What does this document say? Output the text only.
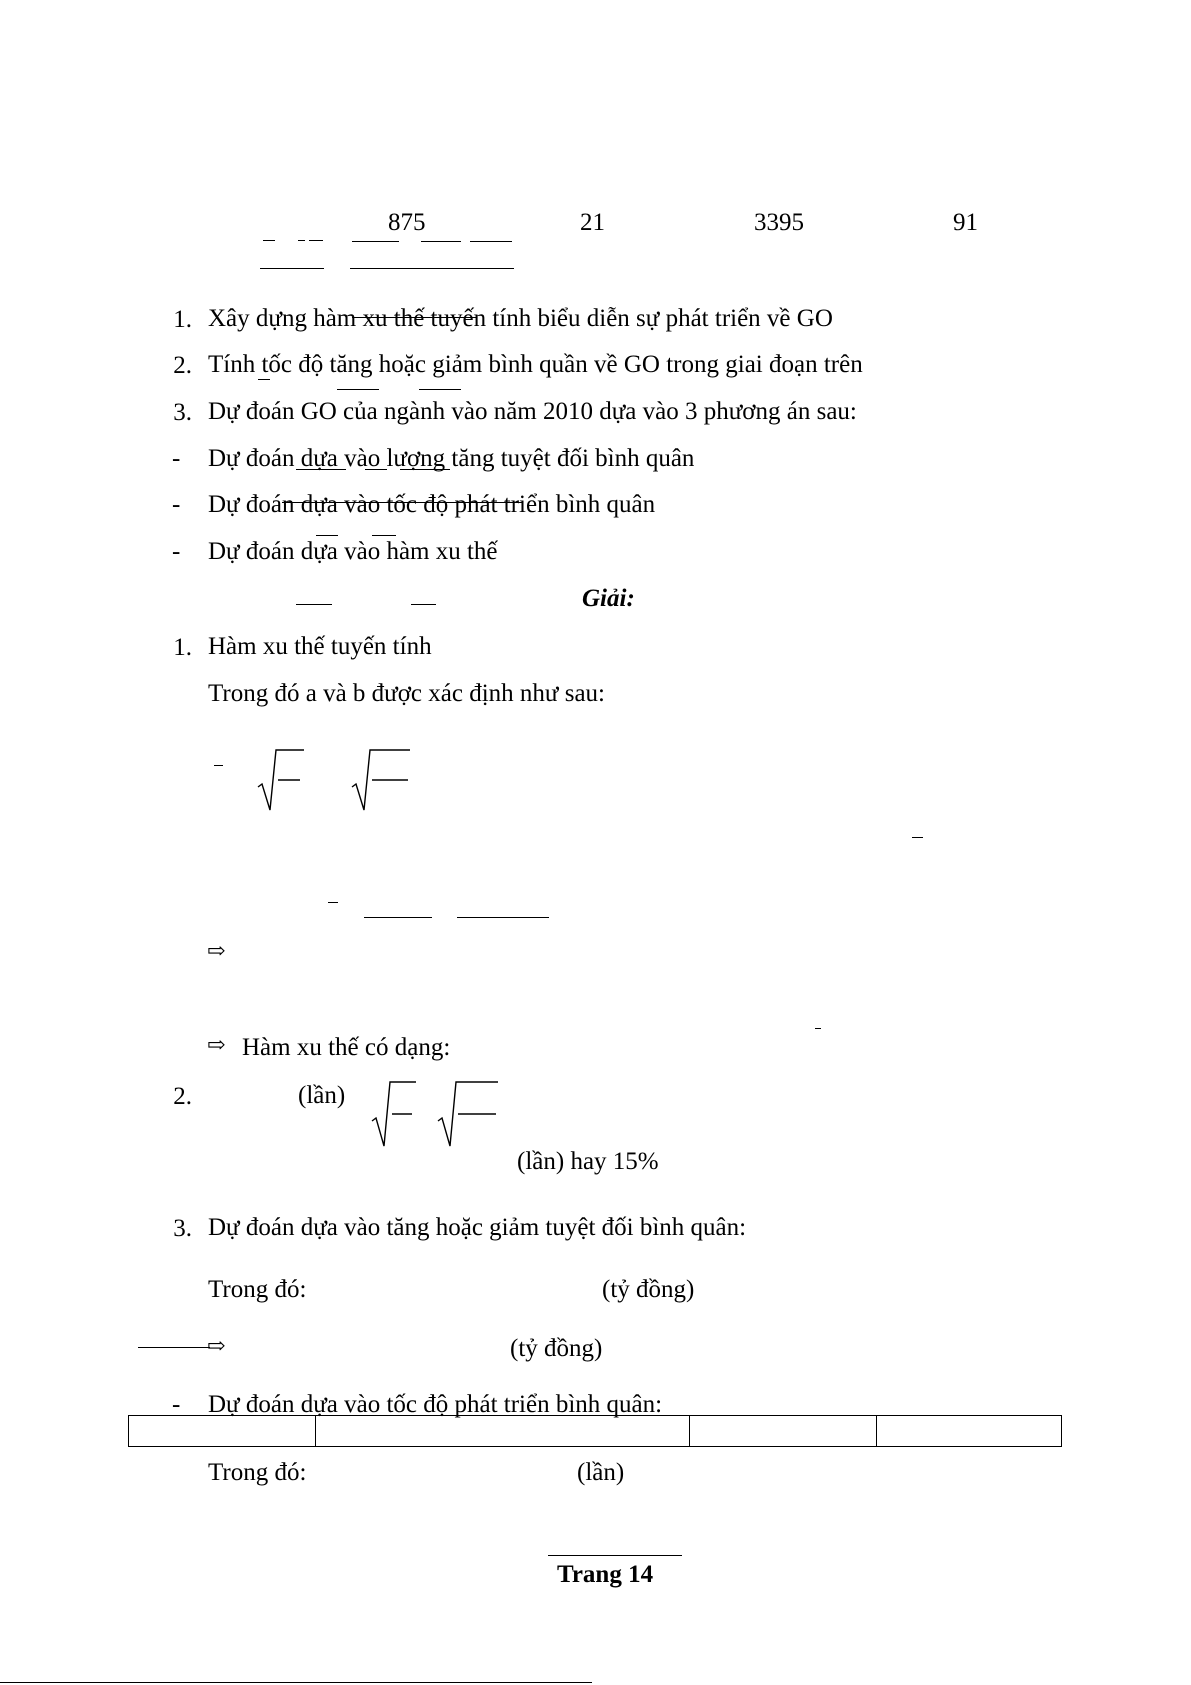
875	21	3395	91
1. Xây dựng hàm xu thế tuyến tính biểu diễn sự phát triển về GO
2. Tính tốc độ tăng hoặc giảm bình quần về GO trong giai đoạn trên
3. Dự đoán GO của ngành vào năm 2010 dựa vào 3 phương án sau:
- Dự đoán dựa vào lượng tăng tuyệt đối bình quân
- Dự đoán dựa vào tốc độ phát triển bình quân
- Dự đoán dựa vào hàm xu thế
Giải:
1. Hàm xu thế tuyến tính
Trong đó a và b được xác định như sau:
⇨
⇨ Hàm xu thế có dạng:
2.	(lần)
(lần) hay 15%
3. Dự đoán dựa vào tăng hoặc giảm tuyệt đối bình quân:
Trong đó:	(tỷ đồng)
⇨	(tỷ đồng)
- Dự đoán dựa vào tốc độ phát triển bình quân:

Trong đó:	(lần)
Trang 14
